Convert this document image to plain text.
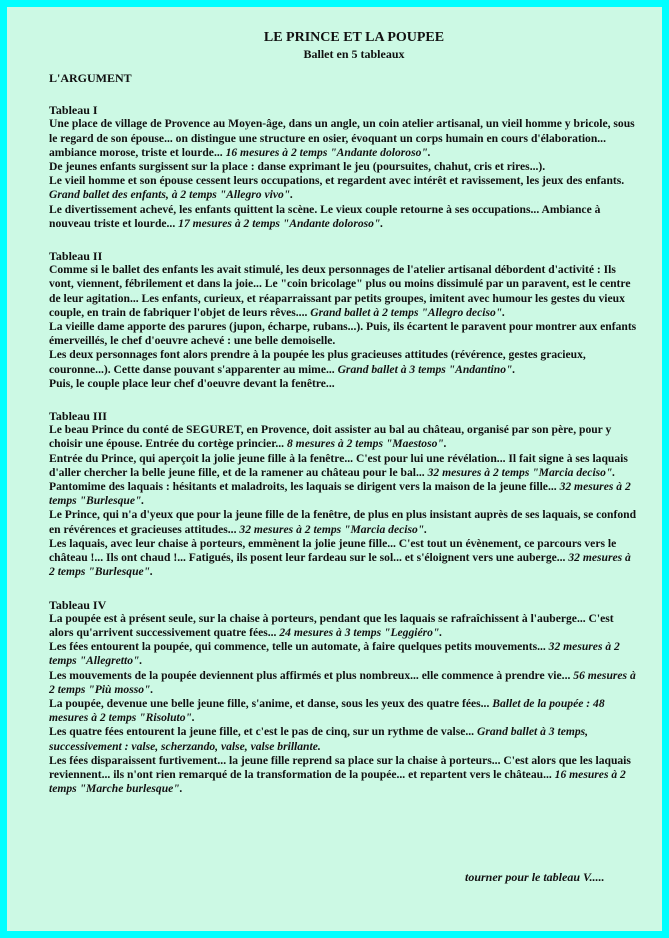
LE PRINCE ET LA POUPEE
Ballet en 5 tableaux
L'ARGUMENT
Tableau I
Une place de village de Provence au Moyen-âge, dans un angle, un coin atelier artisanal, un vieil homme y bricole, sous le regard de son épouse... on distingue une structure en osier, évoquant un corps humain en cours d'élaboration... ambiance morose, triste et lourde... 16 mesures à 2 temps "Andante doloroso".
De jeunes enfants surgissent sur la place : danse exprimant le jeu (poursuites, chahut, cris et rires...).
Le vieil homme et son épouse cessent leurs occupations, et regardent avec intérêt et ravissement, les jeux des enfants. Grand ballet des enfants, à 2 temps "Allegro vivo".
Le divertissement achevé, les enfants quittent la scène. Le vieux couple retourne à ses occupations... Ambiance à nouveau triste et lourde... 17 mesures à 2 temps "Andante doloroso".
Tableau II
Comme si le ballet des enfants les avait stimulé, les deux personnages de l'atelier artisanal débordent d'activité : Ils vont, viennent, fébrilement et dans la joie... Le "coin bricolage" plus ou moins dissimulé par un paravent, est le centre de leur agitation... Les enfants, curieux, et réaparraissant par petits groupes, imitent avec humour les gestes du vieux couple, en train de fabriquer l'objet de leurs rêves.... Grand ballet à 2 temps "Allegro deciso".
La vieille dame apporte des parures (jupon, écharpe, rubans...). Puis, ils écartent le paravent pour montrer aux enfants émerveillés, le chef d'oeuvre achevé : une belle demoiselle.
Les deux personnages font alors prendre à la poupée les plus gracieuses attitudes (révérence, gestes gracieux, couronne...). Cette danse pouvant s'apparenter au mime... Grand ballet à 3 temps "Andantino".
Puis, le couple place leur chef d'oeuvre devant la fenêtre...
Tableau III
Le beau Prince du conté de SEGURET, en Provence, doit assister au bal au château, organisé par son père, pour y choisir une épouse. Entrée du cortège princier... 8 mesures à 2 temps "Maestoso".
Entrée du Prince, qui aperçoit la jolie jeune fille à la fenêtre... C'est pour lui une révélation... Il fait signe à ses laquais d'aller chercher la belle jeune fille, et de la ramener au château pour le bal... 32 mesures à 2 temps "Marcia deciso".
Pantomime des laquais : hésitants et maladroits, les laquais se dirigent vers la maison de la jeune fille... 32 mesures à 2 temps "Burlesque".
Le Prince, qui n'a d'yeux que pour la jeune fille de la fenêtre, de plus en plus insistant auprès de ses laquais, se confond en révérences et gracieuses attitudes... 32 mesures à 2 temps "Marcia deciso".
Les laquais, avec leur chaise à porteurs, emmènent la jolie jeune fille... C'est tout un évènement, ce parcours vers le château !... Ils ont chaud !... Fatigués, ils posent leur fardeau sur le sol... et s'éloignent vers une auberge... 32 mesures à 2 temps "Burlesque".
Tableau IV
La poupée est à présent seule, sur la chaise à porteurs, pendant que les laquais se rafraîchissent à l'auberge... C'est alors qu'arrivent successivement quatre fées... 24 mesures à 3 temps "Leggiéro".
Les fées entourent la poupée, qui commence, telle un automate, à faire quelques petits mouvements... 32 mesures à 2 temps "Allegretto".
Les mouvements de la poupée deviennent plus affirmés et plus nombreux... elle commence à prendre vie... 56 mesures à 2 temps "Più mosso".
La poupée, devenue une belle jeune fille, s'anime, et danse, sous les yeux des quatre fées... Ballet de la poupée : 48 mesures à 2 temps "Risoluto".
Les quatre fées entourent la jeune fille, et c'est le pas de cinq, sur un rythme de valse... Grand ballet à 3 temps, successivement : valse, scherzando, valse, valse brillante.
Les fées disparaissent furtivement... la jeune fille reprend sa place sur la chaise à porteurs... C'est alors que les laquais reviennent... ils n'ont rien remarqué de la transformation de la poupée... et repartent vers le château... 16 mesures à 2 temps "Marche burlesque".
tourner pour le tableau V.....
